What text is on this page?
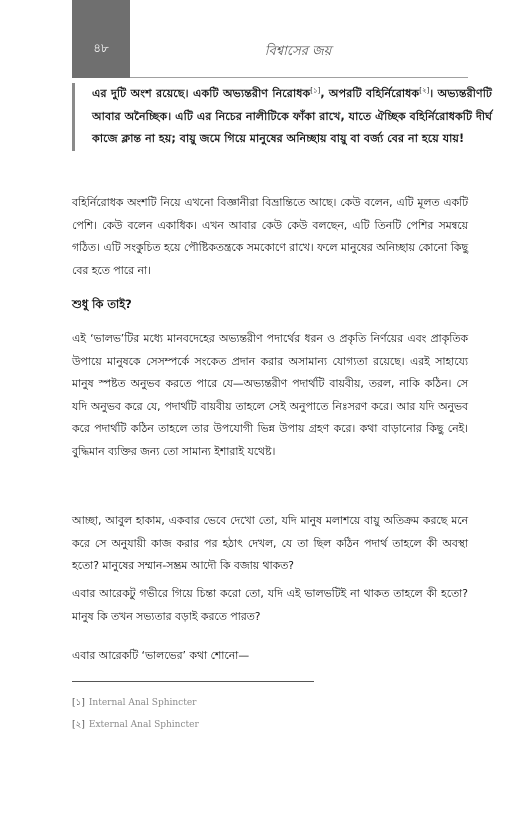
৪৮	বিশ্বাসের জয়
এর দুটি অংশ রয়েছে। একটি অভ্যন্তরীণ নিরোধক[১], অপরটি বহির্নিরোধক[২]। অভ্যন্তরীণটি আবার অনৈচ্ছিক। এটি এর নিচের নালীটিকে ফাঁকা রাখে, যাতে ঐচ্ছিক বহির্নিরোধকটি দীর্ঘ কাজে ক্লান্ত না হয়; বায়ু জমে গিয়ে মানুষের অনিচ্ছায় বায়ু বা বর্জ্য বের না হয়ে যায়!
বহির্নিরোধক অংশটি নিয়ে এখনো বিজ্ঞানীরা বিভ্রান্তিতে আছে। কেউ বলেন, এটি মূলত একটি পেশি। কেউ বলেন একাধিক। এখন আবার কেউ কেউ বলছেন, এটি তিনটি পেশির সমন্বয়ে গঠিত। এটি সংকুচিত হয়ে পৌষ্টিকতন্ত্রকে সমকোণে রাখে। ফলে মানুষের অনিচ্ছায় কোনো কিছু বের হতে পারে না।
শুধু কি তাই?
এই ‘ভালভ’টির মধ্যে মানবদেহের অভ্যন্তরীণ পদার্থের ধরন ও প্রকৃতি নির্ণয়ের এবং প্রাকৃতিক উপায়ে মানুষকে সেসম্পর্কে সংকেত প্রদান করার অসামান্য যোগ্যতা রয়েছে। এরই সাহায্যে মানুষ স্পষ্টত অনুভব করতে পারে যে—অভ্যন্তরীণ পদার্থটি বায়বীয়, তরল, নাকি কঠিন। সে যদি অনুভব করে যে, পদার্থটি বায়বীয় তাহলে সেই অনুপাতে নিঃসরণ করে। আর যদি অনুভব করে পদার্থটি কঠিন তাহলে তার উপযোগী ভিন্ন উপায় গ্রহণ করে। কথা বাড়ানোর কিছু নেই। বুদ্ধিমান ব্যক্তির জন্য তো সামান্য ইশারাই যথেষ্ট।
আচ্ছা, আবুল হাকাম, একবার ভেবে দেখো তো, যদি মানুষ মলাশয়ে বায়ু অতিক্রম করছে মনে করে সে অনুযায়ী কাজ করার পর হঠাৎ দেখল, যে তা ছিল কঠিন পদার্থ তাহলে কী অবস্থা হতো? মানুষের সম্মান-সম্ভ্রম আদৌ কি বজায় থাকত?
এবার আরেকটু গভীরে গিয়ে চিন্তা করো তো, যদি এই ভালভটিই না থাকত তাহলে কী হতো? মানুষ কি তখন সভ্যতার বড়াই করতে পারত?
এবার আরেকটি ‘ভালভের’ কথা শোনো—
[১] Internal Anal Sphincter
[২] External Anal Sphincter
